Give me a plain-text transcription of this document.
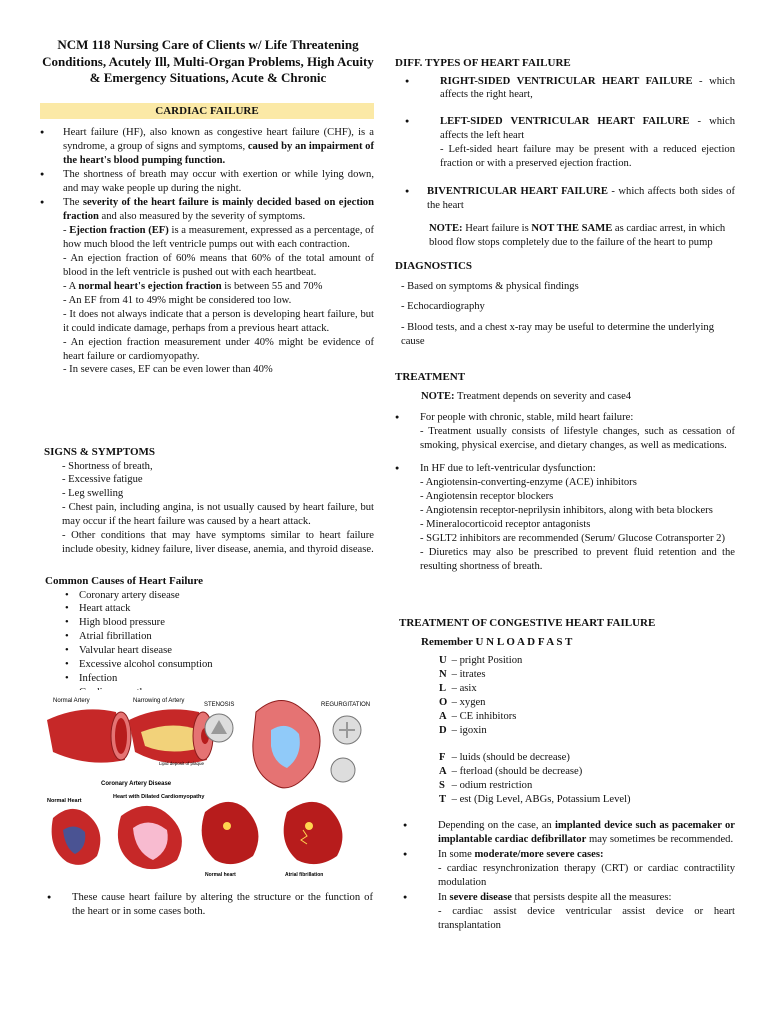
NCM 118 Nursing Care of Clients w/ Life Threatening Conditions, Acutely Ill, Multi-Organ Problems, High Acuity & Emergency Situations, Acute & Chronic
CARDIAC FAILURE
● Heart failure (HF), also known as congestive heart failure (CHF), is a syndrome, a group of signs and symptoms, caused by an impairment of the heart's blood pumping function.
● The shortness of breath may occur with exertion or while lying down, and may wake people up during the night.
● The severity of the heart failure is mainly decided based on ejection fraction and also measured by the severity of symptoms.
- Ejection fraction (EF) is a measurement, expressed as a percentage, of how much blood the left ventricle pumps out with each contraction.
- An ejection fraction of 60% means that 60% of the total amount of blood in the left ventricle is pushed out with each heartbeat.
- A normal heart's ejection fraction is between 55 and 70%
- An EF from 41 to 49% might be considered too low.
- It does not always indicate that a person is developing heart failure, but it could indicate damage, perhaps from a previous heart attack.
- An ejection fraction measurement under 40% might be evidence of heart failure or cardiomyopathy.
- In severe cases, EF can be even lower than 40%
SIGNS & SYMPTOMS
- Shortness of breath,
- Excessive fatigue
- Leg swelling
- Chest pain, including angina, is not usually caused by heart failure, but may occur if the heart failure was caused by a heart attack.
- Other conditions that may have symptoms similar to heart failure include obesity, kidney failure, liver disease, anemia, and thyroid disease.
Common Causes of Heart Failure
• Coronary artery disease
• Heart attack
• High blood pressure
• Atrial fibrillation
• Valvular heart disease
• Excessive alcohol consumption
• Infection
•
Normal Artery	Narrowing of Artery
Lipid deposit of plaque
Coronary Artery Disease
STENOSIS	REGURGITATION
Normal Heart
Heart with Dilated Cardiomyopathy
Normal heart	Atrial fibrillation
● These cause heart failure by altering the structure or the function of the heart or in some cases both.
DIFF. TYPES OF HEART FAILURE
● RIGHT-SIDED VENTRICULAR HEART FAILURE - which affects the right heart,
● LEFT-SIDED VENTRICULAR HEART FAILURE - which affects the left heart
- Left-sided heart failure may be present with a reduced ejection fraction or with a preserved ejection fraction.
● BIVENTRICULAR HEART FAILURE - which affects both sides of the heart
NOTE: Heart failure is NOT THE SAME as cardiac arrest, in which blood flow stops completely due to the failure of the heart to pump
DIAGNOSTICS
- Based on symptoms & physical findings
- Echocardiography
- Blood tests, and a chest x-ray may be useful to determine the underlying cause
TREATMENT
NOTE: Treatment depends on severity and case4
● For people with chronic, stable, mild heart failure:
- Treatment usually consists of lifestyle changes, such as cessation of smoking, physical exercise, and dietary changes, as well as medications.
● In HF due to left-ventricular dysfunction:
- Angiotensin-converting-enzyme (ACE) inhibitors
- Angiotensin receptor blockers
- Angiotensin receptor-neprilysin inhibitors, along with beta blockers
- Mineralocorticoid receptor antagonists
- SGLT2 inhibitors are recommended (Serum/ Glucose Cotransporter 2)
- Diuretics may also be prescribed to prevent fluid retention and the resulting shortness of breath.
TREATMENT OF CONGESTIVE HEART FAILURE
Remember U N L O A D F A S T
U – pright Position
N – itrates
L – asix
O – xygen
A – CE inhibitors
D – igoxin
F – luids (should be decrease)
A – fterload (should be decrease)
S – odium restriction
T – est (Dig Level, ABGs, Potassium Level)
● Depending on the case, an implanted device such as pacemaker or implantable cardiac defibrillator may sometimes be recommended.
● In some moderate/more severe cases:
- cardiac resynchronization therapy (CRT) or cardiac contractility modulation
● In severe disease that persists despite all the measures:
- cardiac assist device ventricular assist device or heart transplantation
